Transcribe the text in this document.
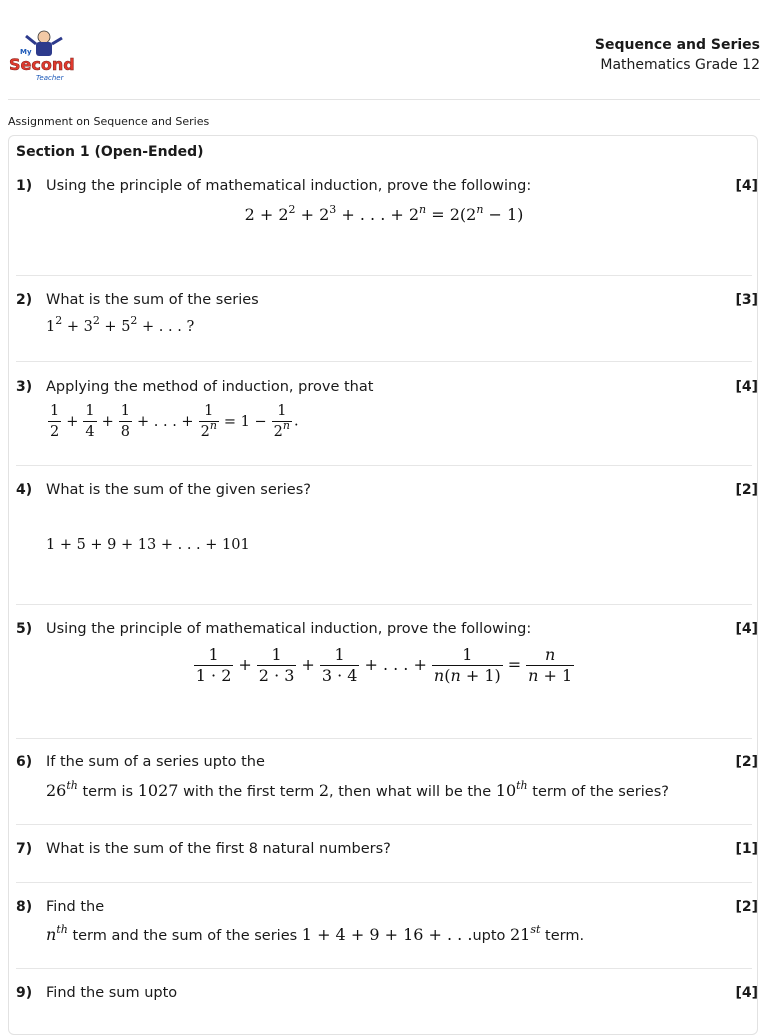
My
Second
Teacher
Sequence and Series
Mathematics Grade 12
Assignment on Sequence and Series
Section 1 (Open-Ended)
1) Using the principle of mathematical induction, prove the following:	[4]
$2 + 2^2 + 2^3$ + . . . + $2^n = 2(2^n - 1)$
2) What is the sum of the series	[3]
$1^2 + 3^2 + 5^2$ + . . . ?
3) Applying the method of induction, prove that	[4]
$\frac{1}{2} + \frac{1}{4} + \frac{1}{8}$ + . . . + $\frac{1}{2^n} = 1 - \frac{1}{2^n}$ .
4) What is the sum of the given series?	[2]
1 + 5 + 9 + 13 + . . . + 101
5) Using the principle of mathematical induction, prove the following:	[4]
$\frac{1}{1 \cdot 2} + \frac{1}{2 \cdot 3} + \frac{1}{3 \cdot 4}$ + . . . + $\frac{1}{n(n + 1)} = \frac{n}{n + 1}$
6) If the sum of a series upto the	[2]
26th term is 1027 with the first term 2, then what will be the 10th term of the series?
7) What is the sum of the first 8 natural numbers?	[1]
8) Find the	[2]
$n^{th}$ term and the sum of the series 1 + 4 + 9 + 16 + . . .upto 21st term.
9) Find the sum upto	[4]
